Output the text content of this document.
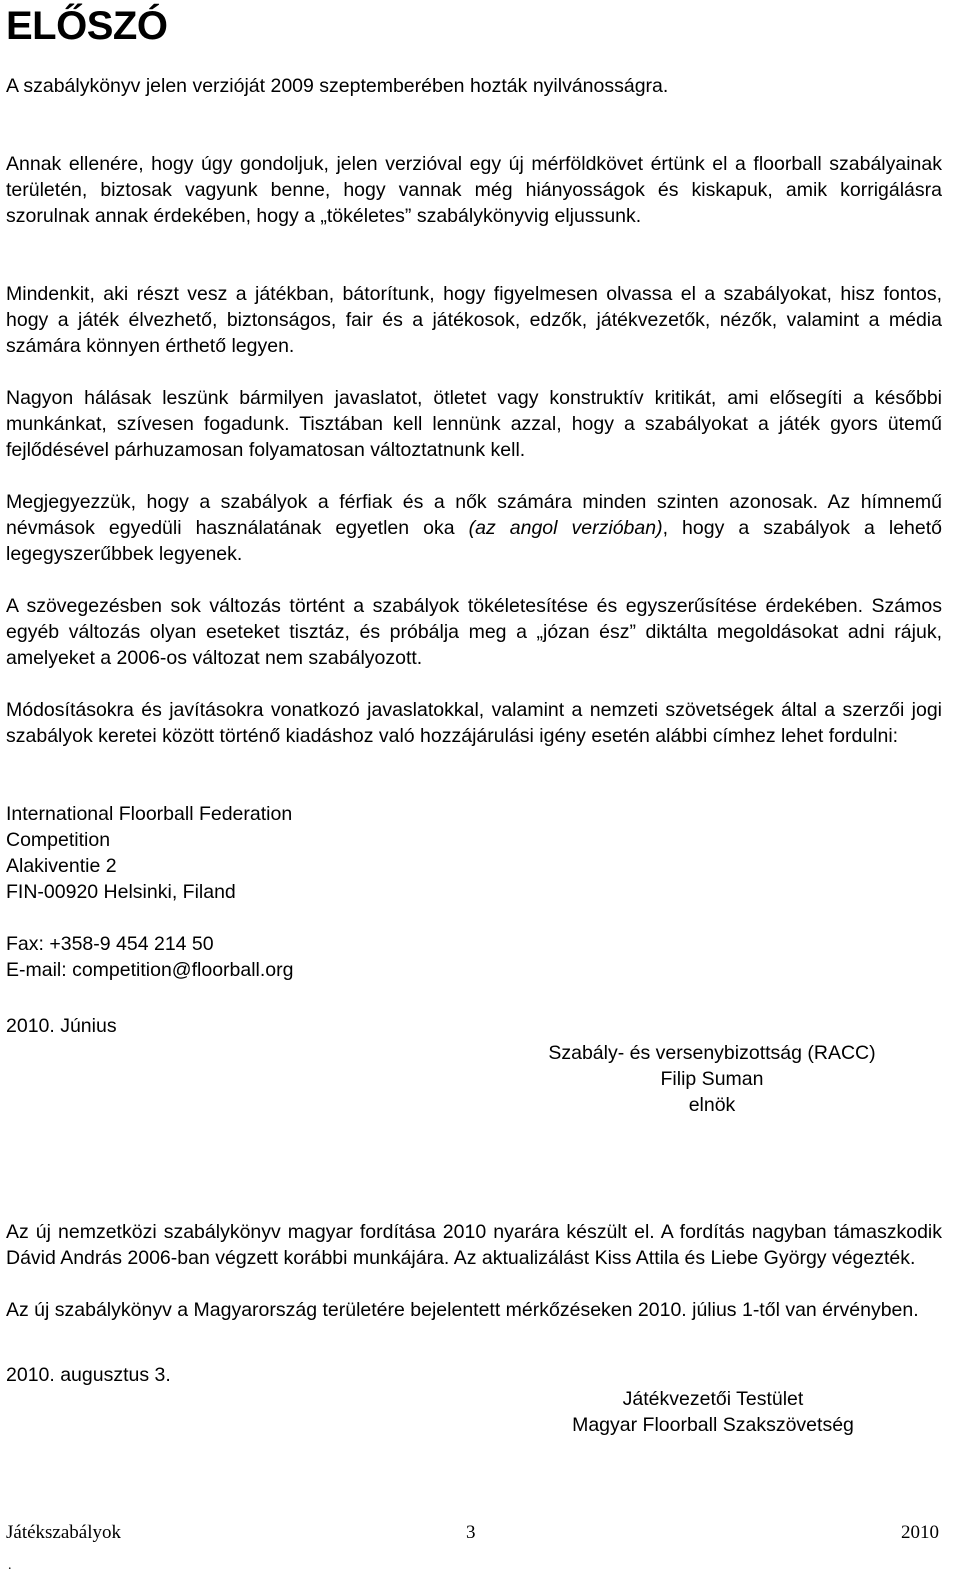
ELŐSZÓ

A szabálykönyv jelen verzióját 2009 szeptemberében hozták nyilvánosságra.

Annak ellenére, hogy úgy gondoljuk, jelen verzióval egy új mérföldkövet értünk el a floorball szabályainak területén, biztosak vagyunk benne, hogy vannak még hiányosságok és kiskapuk, amik korrigálásra szorulnak annak érdekében, hogy a „tökéletes” szabálykönyvig eljussunk.

Mindenkit, aki részt vesz a játékban, bátorítunk, hogy figyelmesen olvassa el a szabályokat, hisz fontos, hogy a játék élvezhető, biztonságos, fair és a játékosok, edzők, játékvezetők, nézők, valamint a média számára könnyen érthető legyen.

Nagyon hálásak leszünk bármilyen javaslatot, ötletet vagy konstruktív kritikát, ami elősegíti a későbbi munkánkat, szívesen fogadunk. Tisztában kell lennünk azzal, hogy a szabályokat a játék gyors ütemű fejlődésével párhuzamosan folyamatosan változtatnunk kell.

Megjegyezzük, hogy a szabályok a férfiak és a nők számára minden szinten azonosak. Az hímnemű névmások egyedüli használatának egyetlen oka (az angol verzióban), hogy a szabályok a lehető legegyszerűbbek legyenek.

A szövegezésben sok változás történt a szabályok tökéletesítése és egyszerűsítése érdekében. Számos egyéb változás olyan eseteket tisztáz, és próbálja meg a „józan ész” diktálta megoldásokat adni rájuk, amelyeket a 2006-os változat nem szabályozott.

Módosításokra és javításokra vonatkozó javaslatokkal, valamint a nemzeti szövetségek által a szerzői jogi szabályok keretei között történő kiadáshoz való hozzájárulási igény esetén alábbi címhez lehet fordulni:

International Floorball Federation
Competition
Alakiventie 2
FIN-00920 Helsinki, Filand
Fax: +358-9 454 214 50
E-mail: competition@floorball.org
2010. Június
Szabály- és versenybizottság (RACC)
Filip Suman
elnök

Az új nemzetközi szabálykönyv magyar fordítása 2010 nyarára készült el. A fordítás nagyban támaszkodik Dávid András 2006-ban végzett korábbi munkájára. Az aktualizálást Kiss Attila és Liebe György végezték.

Az új szabálykönyv a Magyarország területére bejelentett mérkőzéseken 2010. július 1-től van érvényben.

2010. augusztus 3.
Játékvezetői Testület
Magyar Floorball Szakszövetség
Játékszabályok	3	2010
.
